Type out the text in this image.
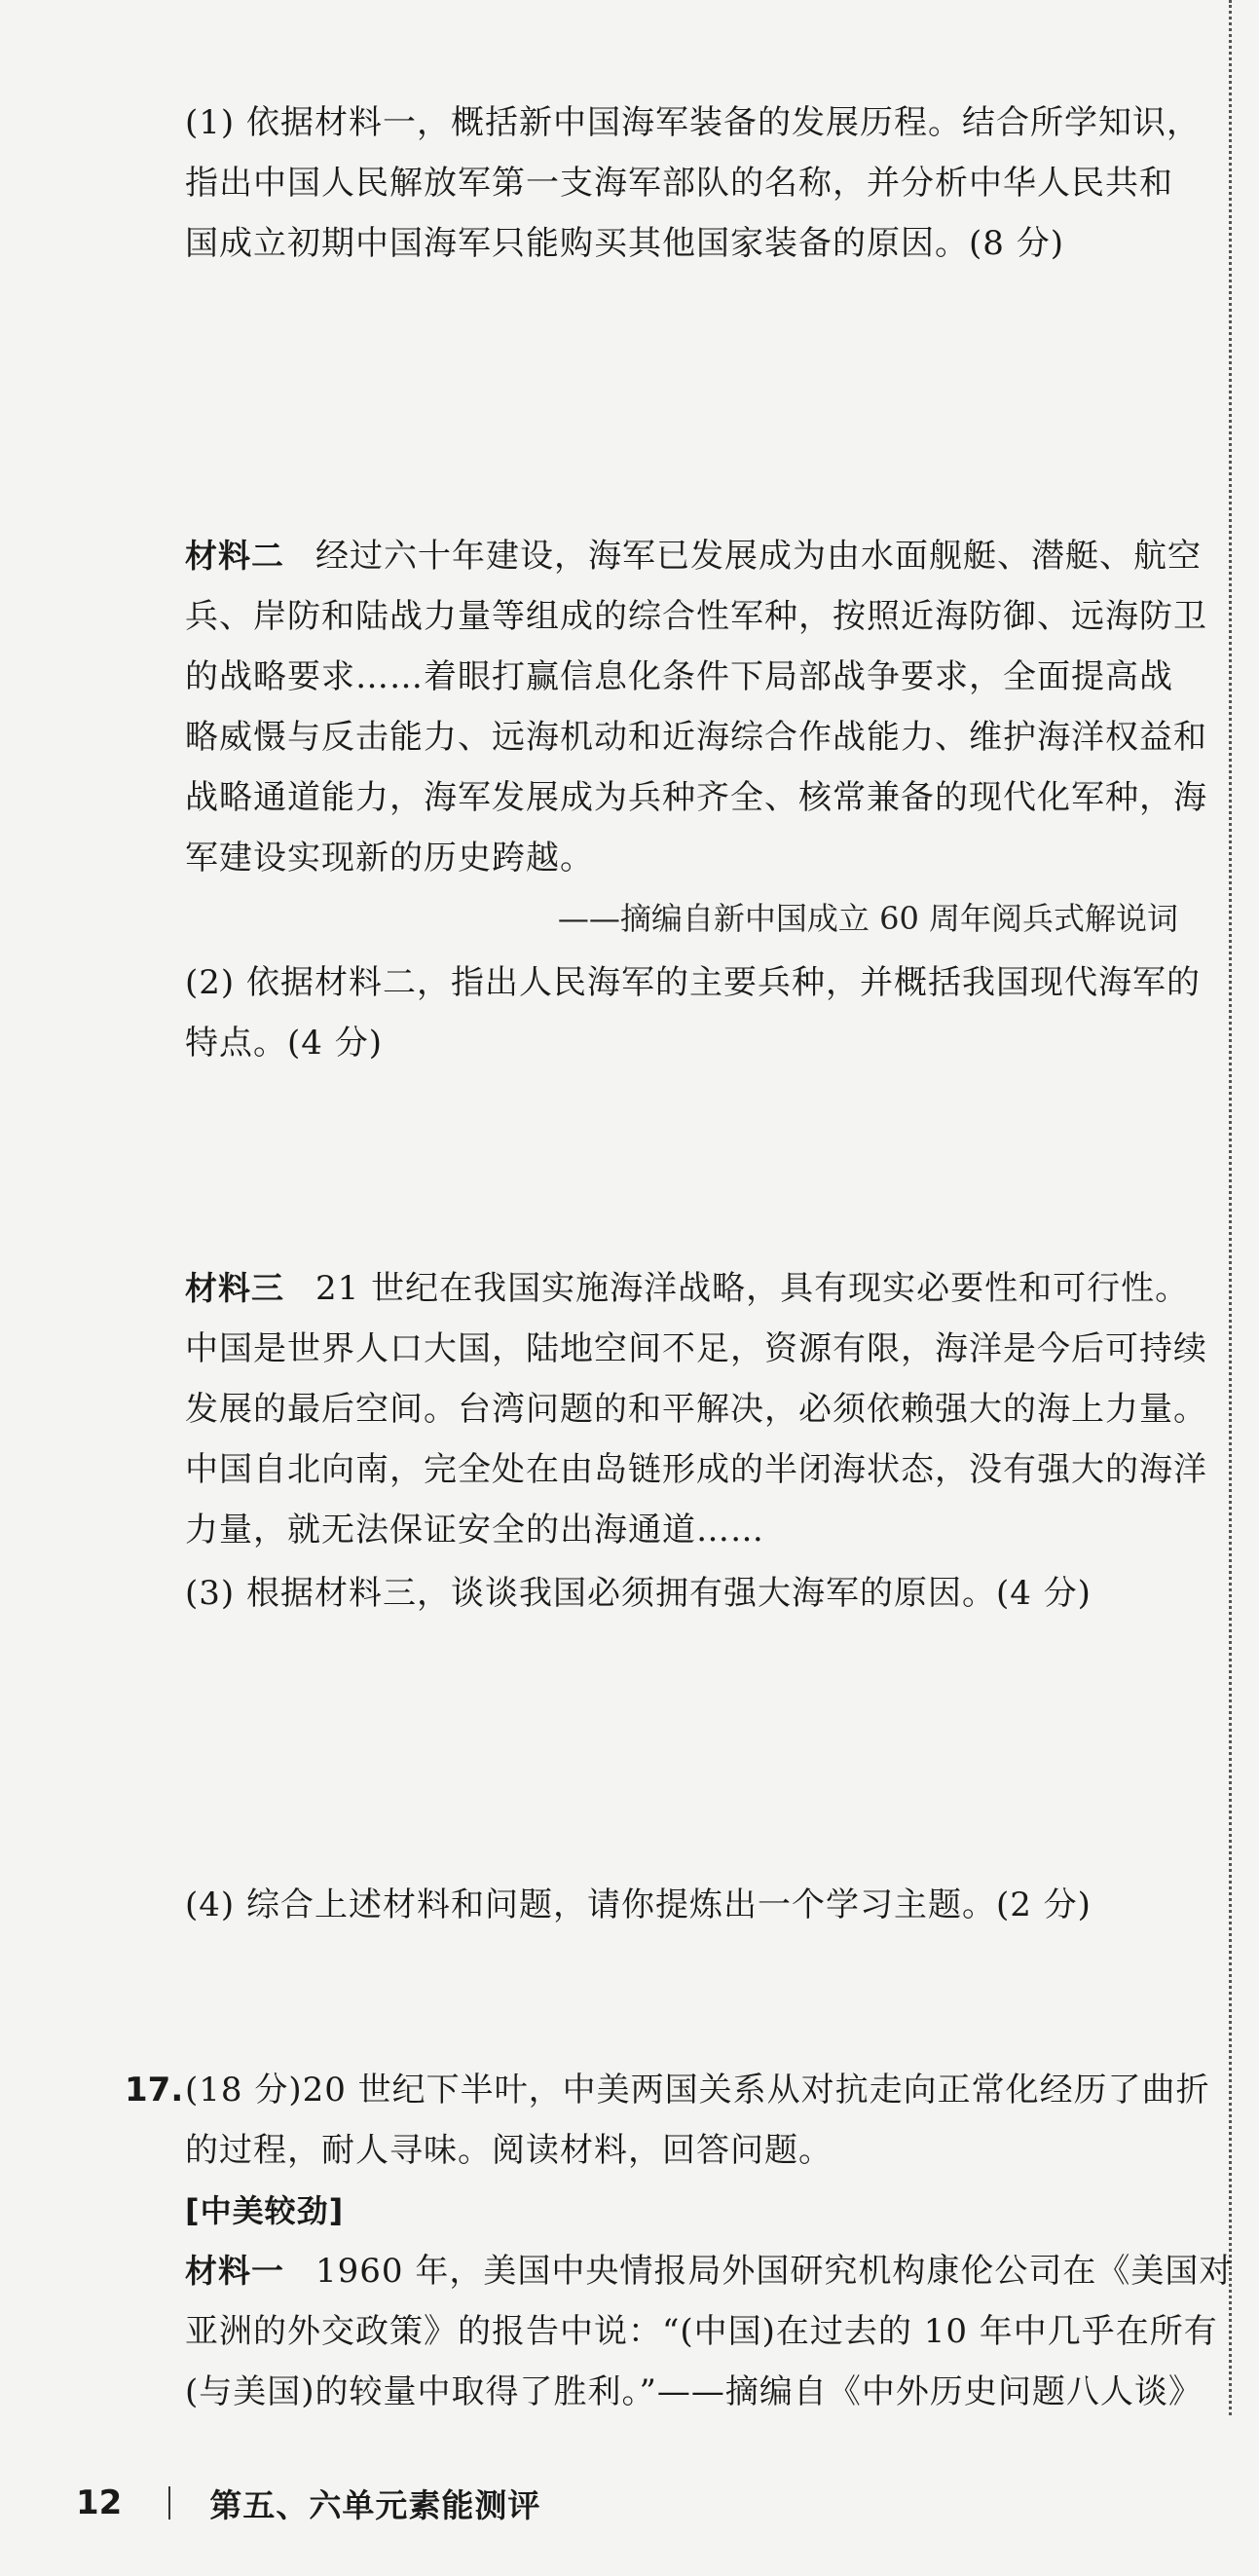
(1) 依据材料一，概括新中国海军装备的发展历程。结合所学知识，
指出中国人民解放军第一支海军部队的名称，并分析中华人民共和
国成立初期中国海军只能购买其他国家装备的原因。(8 分)
材料二 经过六十年建设，海军已发展成为由水面舰艇、潜艇、航空
兵、岸防和陆战力量等组成的综合性军种，按照近海防御、远海防卫
的战略要求……着眼打赢信息化条件下局部战争要求，全面提高战
略威慑与反击能力、远海机动和近海综合作战能力、维护海洋权益和
战略通道能力，海军发展成为兵种齐全、核常兼备的现代化军种，海
军建设实现新的历史跨越。
——摘编自新中国成立 60 周年阅兵式解说词
(2) 依据材料二，指出人民海军的主要兵种，并概括我国现代海军的
特点。(4 分)
材料三 21 世纪在我国实施海洋战略，具有现实必要性和可行性。
中国是世界人口大国，陆地空间不足，资源有限，海洋是今后可持续
发展的最后空间。台湾问题的和平解决，必须依赖强大的海上力量。
中国自北向南，完全处在由岛链形成的半闭海状态，没有强大的海洋
力量，就无法保证安全的出海通道……
(3) 根据材料三，谈谈我国必须拥有强大海军的原因。(4 分)
(4) 综合上述材料和问题，请你提炼出一个学习主题。(2 分)
17. (18 分)20 世纪下半叶，中美两国关系从对抗走向正常化经历了曲折
的过程，耐人寻味。阅读材料，回答问题。
[中美较劲]
材料一 1960 年，美国中央情报局外国研究机构康伦公司在《美国对
亚洲的外交政策》的报告中说：“(中国)在过去的 10 年中几乎在所有
(与美国)的较量中取得了胜利。”——摘编自《中外历史问题八人谈》
12	第五、六单元素能测评
